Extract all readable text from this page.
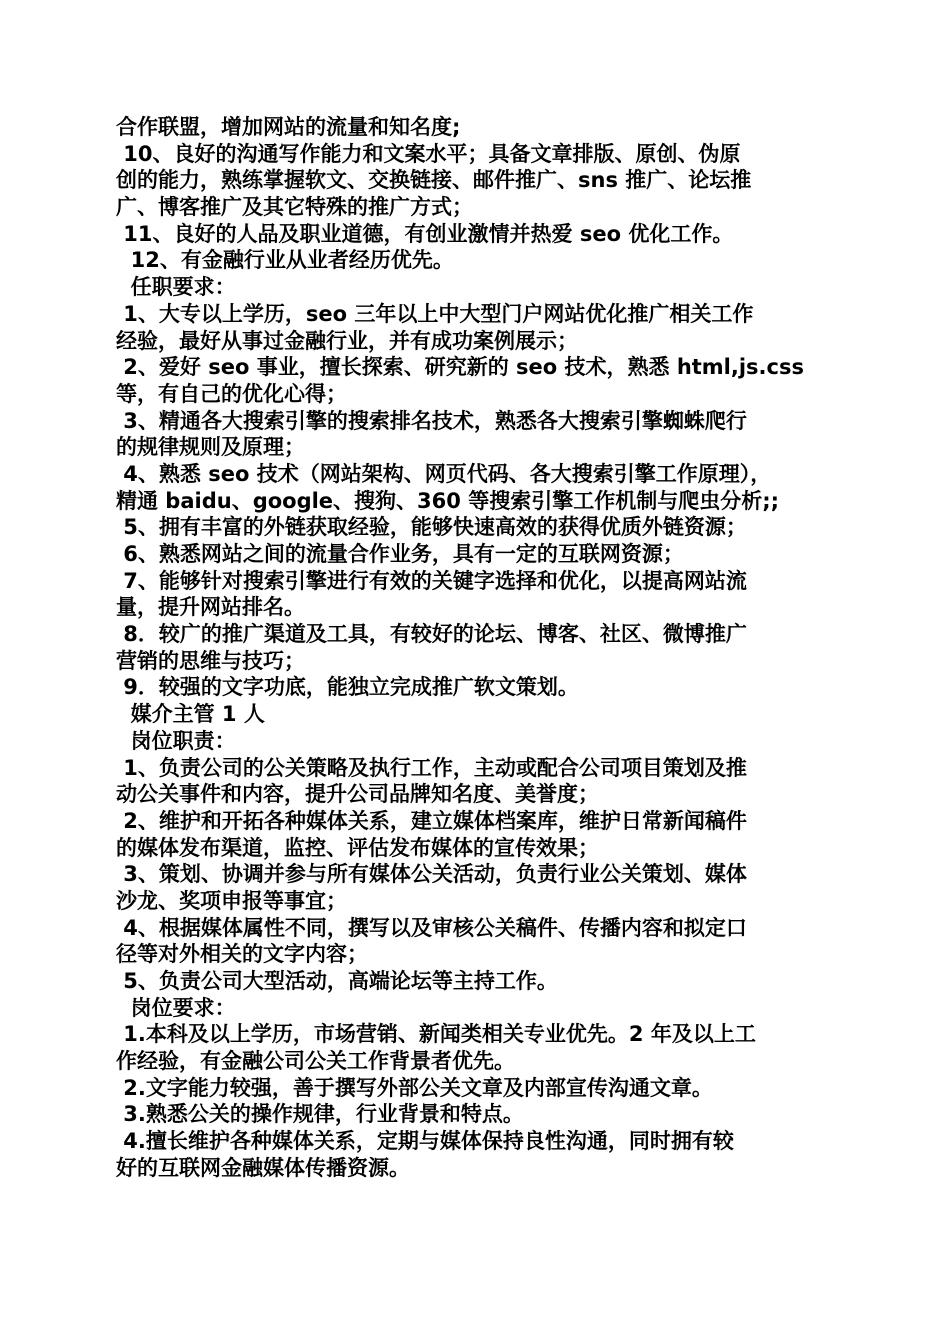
合作联盟，增加网站的流量和知名度;
10、良好的沟通写作能力和文案水平；具备文章排版、原创、伪原
创的能力，熟练掌握软文、交换链接、邮件推广、sns 推广、论坛推
广、博客推广及其它特殊的推广方式；
11、良好的人品及职业道德，有创业激情并热爱 seo 优化工作。
12、有金融行业从业者经历优先。
任职要求：
1、大专以上学历，seo 三年以上中大型门户网站优化推广相关工作
经验，最好从事过金融行业，并有成功案例展示；
2、爱好 seo 事业，擅长探索、研究新的 seo 技术，熟悉 html,js.css
等，有自己的优化心得；
3、精通各大搜索引擎的搜索排名技术，熟悉各大搜索引擎蜘蛛爬行
的规律规则及原理；
4、熟悉 seo 技术（网站架构、网页代码、各大搜索引擎工作原理），
精通 baidu、google、搜狗、360 等搜索引擎工作机制与爬虫分析;;
5、拥有丰富的外链获取经验，能够快速高效的获得优质外链资源；
6、熟悉网站之间的流量合作业务，具有一定的互联网资源；
7、能够针对搜索引擎进行有效的关键字选择和优化，以提高网站流
量，提升网站排名。
8．较广的推广渠道及工具，有较好的论坛、博客、社区、微博推广
营销的思维与技巧；
9．较强的文字功底，能独立完成推广软文策划。
媒介主管 1 人
岗位职责：
1、负责公司的公关策略及执行工作，主动或配合公司项目策划及推
动公关事件和内容，提升公司品牌知名度、美誉度；
2、维护和开拓各种媒体关系，建立媒体档案库，维护日常新闻稿件
的媒体发布渠道，监控、评估发布媒体的宣传效果；
3、策划、协调并参与所有媒体公关活动，负责行业公关策划、媒体
沙龙、奖项申报等事宜；
4、根据媒体属性不同，撰写以及审核公关稿件、传播内容和拟定口
径等对外相关的文字内容；
5、负责公司大型活动，高端论坛等主持工作。
岗位要求：
1.本科及以上学历，市场营销、新闻类相关专业优先。2 年及以上工
作经验，有金融公司公关工作背景者优先。
2.文字能力较强，善于撰写外部公关文章及内部宣传沟通文章。
3.熟悉公关的操作规律，行业背景和特点。
4.擅长维护各种媒体关系，定期与媒体保持良性沟通，同时拥有较
好的互联网金融媒体传播资源。
